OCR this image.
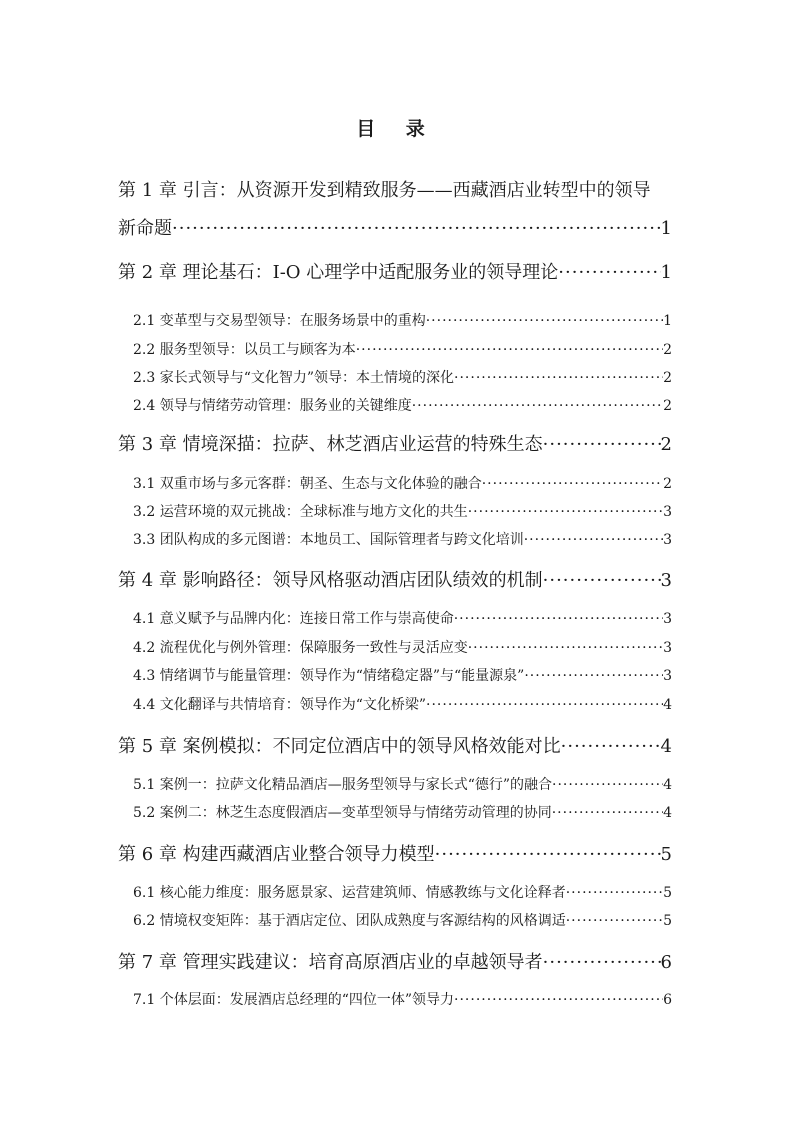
目 录
第 1 章 引言：从资源开发到精致服务——西藏酒店业转型中的领导
新命题 ·····	1
第 2 章 理论基石：I-O 心理学中适配服务业的领导理论 ·····	1
2.1 变革型与交易型领导：在服务场景中的重构 ·····	1
2.2 服务型领导：以员工与顾客为本 ·····	2
2.3 家长式领导与“文化智力”领导：本土情境的深化 ·····	2
2.4 领导与情绪劳动管理：服务业的关键维度 ·····	2
第 3 章 情境深描：拉萨、林芝酒店业运营的特殊生态 ·····	2
3.1 双重市场与多元客群：朝圣、生态与文化体验的融合 ·····	2
3.2 运营环境的双元挑战：全球标准与地方文化的共生 ·····	3
3.3 团队构成的多元图谱：本地员工、国际管理者与跨文化培训 ·····	3
第 4 章 影响路径：领导风格驱动酒店团队绩效的机制 ·····	3
4.1 意义赋予与品牌内化：连接日常工作与崇高使命 ·····	3
4.2 流程优化与例外管理：保障服务一致性与灵活应变 ·····	3
4.3 情绪调节与能量管理：领导作为“情绪稳定器”与“能量源泉” ·····	3
4.4 文化翻译与共情培育：领导作为“文化桥梁” ·····	4
第 5 章 案例模拟：不同定位酒店中的领导风格效能对比 ·····	4
5.1 案例一：拉萨文化精品酒店—服务型领导与家长式“德行”的融合 ·····	4
5.2 案例二：林芝生态度假酒店—变革型领导与情绪劳动管理的协同 ·····	4
第 6 章 构建西藏酒店业整合领导力模型 ·····	5
6.1 核心能力维度：服务愿景家、运营建筑师、情感教练与文化诠释者 ·····	5
6.2 情境权变矩阵：基于酒店定位、团队成熟度与客源结构的风格调适 ·····	5
第 7 章 管理实践建议：培育高原酒店业的卓越领导者 ·····	6
7.1 个体层面：发展酒店总经理的“四位一体”领导力 ·····	6
